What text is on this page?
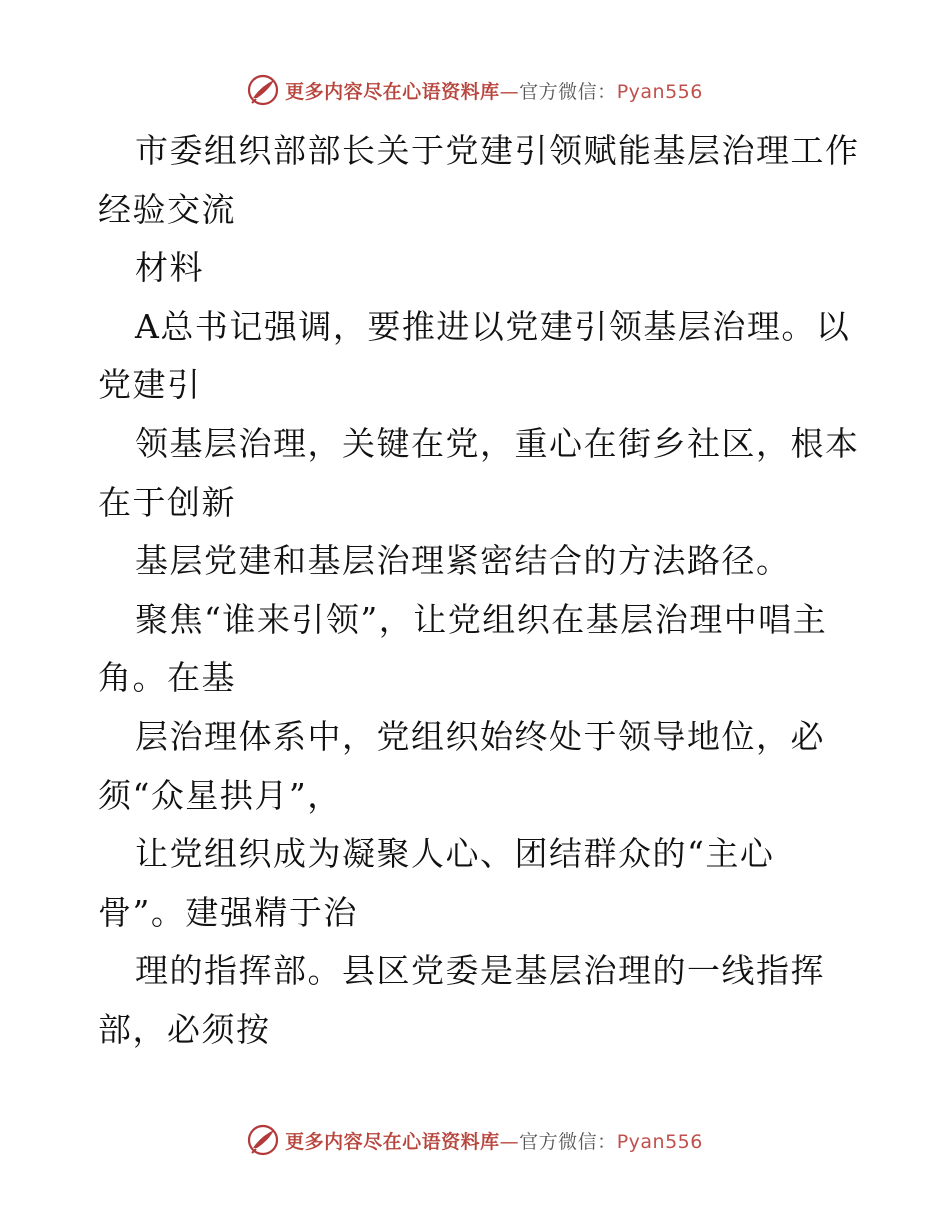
更多内容尽在心语资料库—官方微信：Pyan556
市委组织部部长关于党建引领赋能基层治理工作
经验交流
材料
A总书记强调，要推进以党建引领基层治理。以
党建引
领基层治理，关键在党，重心在街乡社区，根本
在于创新
基层党建和基层治理紧密结合的方法路径。
聚焦“谁来引领”，让党组织在基层治理中唱主
角。在基
层治理体系中，党组织始终处于领导地位，必
须“众星拱月”，
让党组织成为凝聚人心、团结群众的“主心
骨”。建强精于治
理的指挥部。县区党委是基层治理的一线指挥
部，必须按
更多内容尽在心语资料库—官方微信：Pyan556
